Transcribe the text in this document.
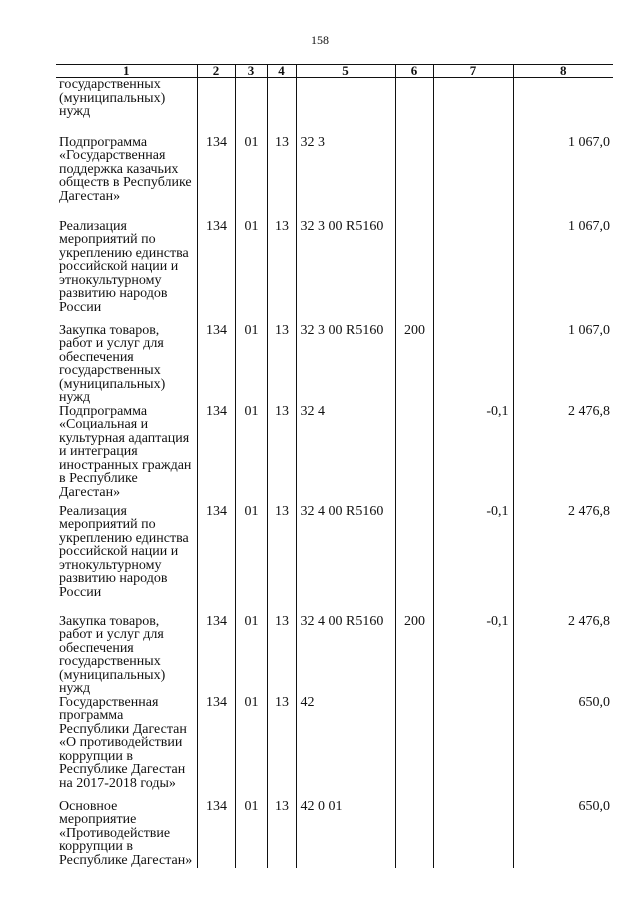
158
1	2	3	4	5	6	7	8
государственных (муниципальных) нужд							
Подпрограмма «Государственная поддержка казачьих обществ в Республике Дагестан»	134	01	13	32 3			1 067,0
Реализация мероприятий по укреплению единства российской нации и этнокультурному развитию народов России	134	01	13	32 3 00 R5160			1 067,0
Закупка товаров, работ и услуг для обеспечения государственных (муниципальных) нужд	134	01	13	32 3 00 R5160	200		1 067,0
Подпрограмма «Социальная и культурная адаптация и интеграция иностранных граждан в Республике Дагестан»	134	01	13	32 4		-0,1	2 476,8
Реализация мероприятий по укреплению единства российской нации и этнокультурному развитию народов России	134	01	13	32 4 00 R5160		-0,1	2 476,8
Закупка товаров, работ и услуг для обеспечения государственных (муниципальных) нужд	134	01	13	32 4 00 R5160	200	-0,1	2 476,8
Государственная программа Республики Дагестан «О противодействии коррупции в Республике Дагестан на 2017-2018 годы»	134	01	13	42			650,0
Основное мероприятие «Противодействие коррупции в Республике Дагестан»	134	01	13	42 0 01			650,0
